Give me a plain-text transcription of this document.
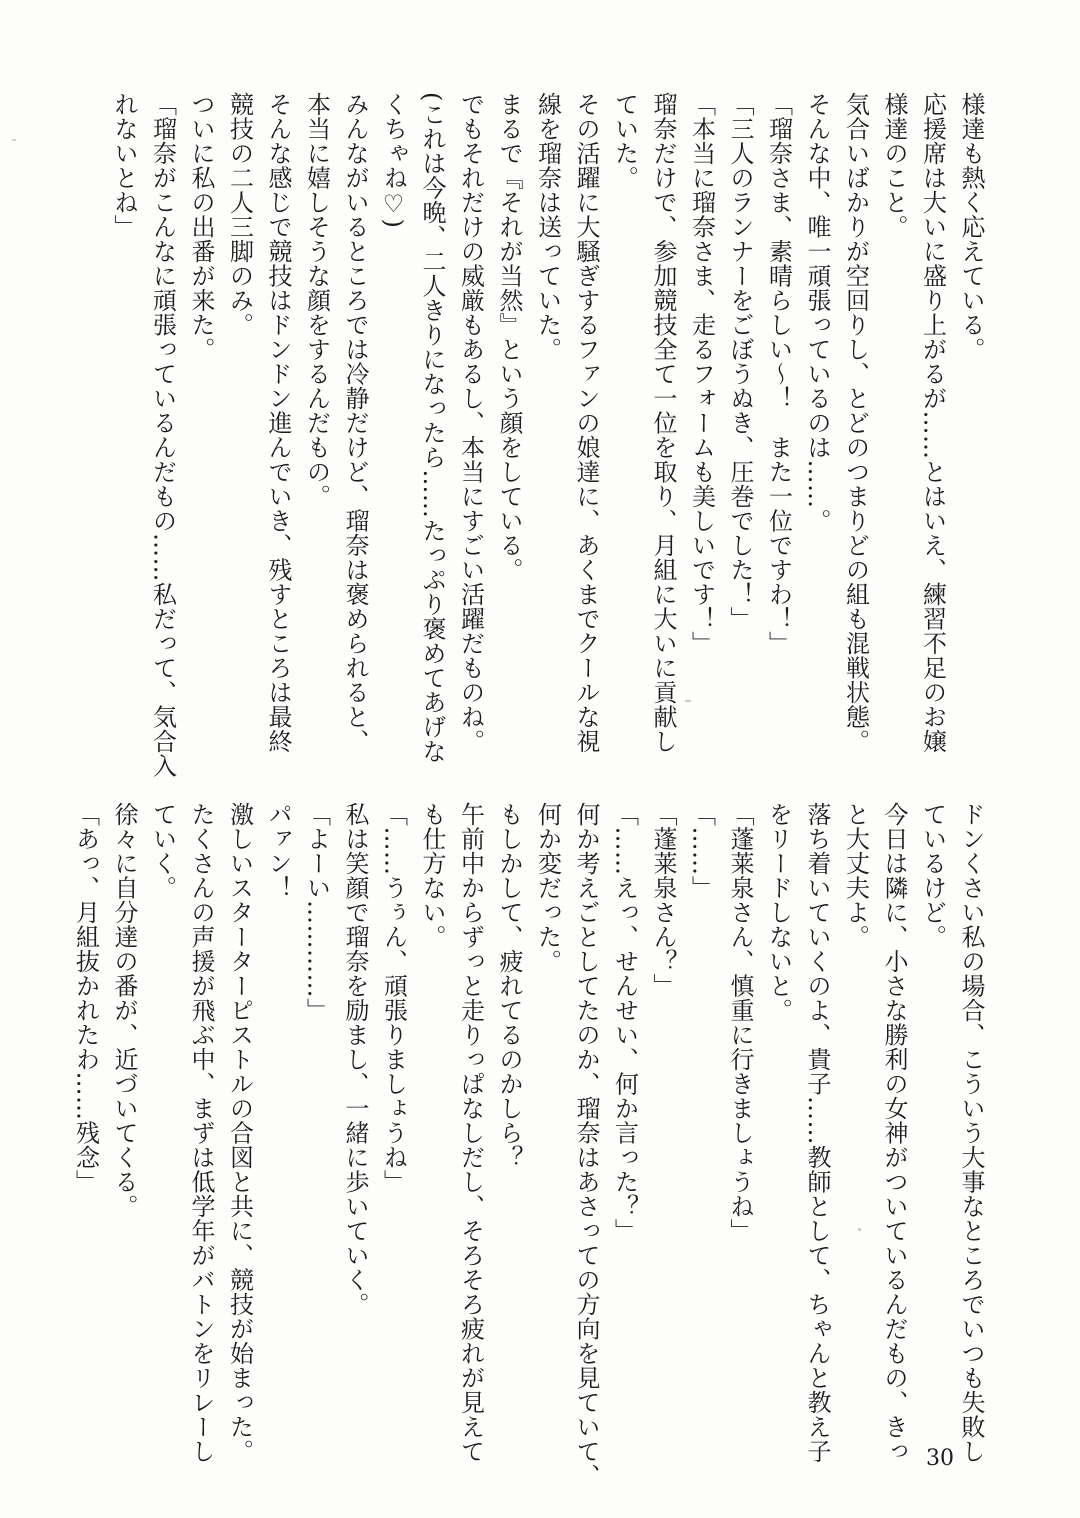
様達も熱く応えている。
応援席は大いに盛り上がるが……とはいえ、練習不足のお嬢
様達のこと。
気合いばかりが空回りし、とどのつまりどの組も混戦状態。
そんな中、唯一頑張っているのは……。
「瑠奈さま、素晴らしい～！　また一位ですわ！」
「三人のランナーをごぼうぬき、圧巻でした！」
「本当に瑠奈さま、走るフォームも美しいです！」
瑠奈だけで、参加競技全て一位を取り、月組に大いに貢献し
ていた。
その活躍に大騒ぎするファンの娘達に、あくまでクールな視
線を瑠奈は送っていた。
まるで『それが当然』という顔をしている。
でもそれだけの威厳もあるし、本当にすごい活躍だものね。
(これは今晩、二人きりになったら……たっぷり褒めてあげな
くちゃね♡)
みんながいるところでは冷静だけど、瑠奈は褒められると、
本当に嬉しそうな顔をするんだもの。
そんな感じで競技はドンドン進んでいき、残すところは最終
競技の二人三脚のみ。
ついに私の出番が来た。
「瑠奈がこんなに頑張っているんだもの……私だって、気合入
れないとね」
ドンくさい私の場合、こういう大事なところでいつも失敗し
ているけど。
今日は隣に、小さな勝利の女神がついているんだもの、きっ
と大丈夫よ。
落ち着いていくのよ、貴子……教師として、ちゃんと教え子
をリードしないと。
「蓬莱泉さん、慎重に行きましょうね」
「……」
「蓬莱泉さん？」
「……えっ、せんせい、何か言った？」
何か考えごとしてたのか、瑠奈はあさっての方向を見ていて、
何か変だった。
もしかして、疲れてるのかしら？
午前中からずっと走りっぱなしだし、そろそろ疲れが見えて
も仕方ない。
「……うぅん、頑張りましょうね」
私は笑顔で瑠奈を励まし、一緒に歩いていく。
「よーい…………」
パァン！
激しいスターターピストルの合図と共に、競技が始まった。
たくさんの声援が飛ぶ中、まずは低学年がバトンをリレーし
ていく。
徐々に自分達の番が、近づいてくる。
「あっ、月組抜かれたわ……残念」
30
